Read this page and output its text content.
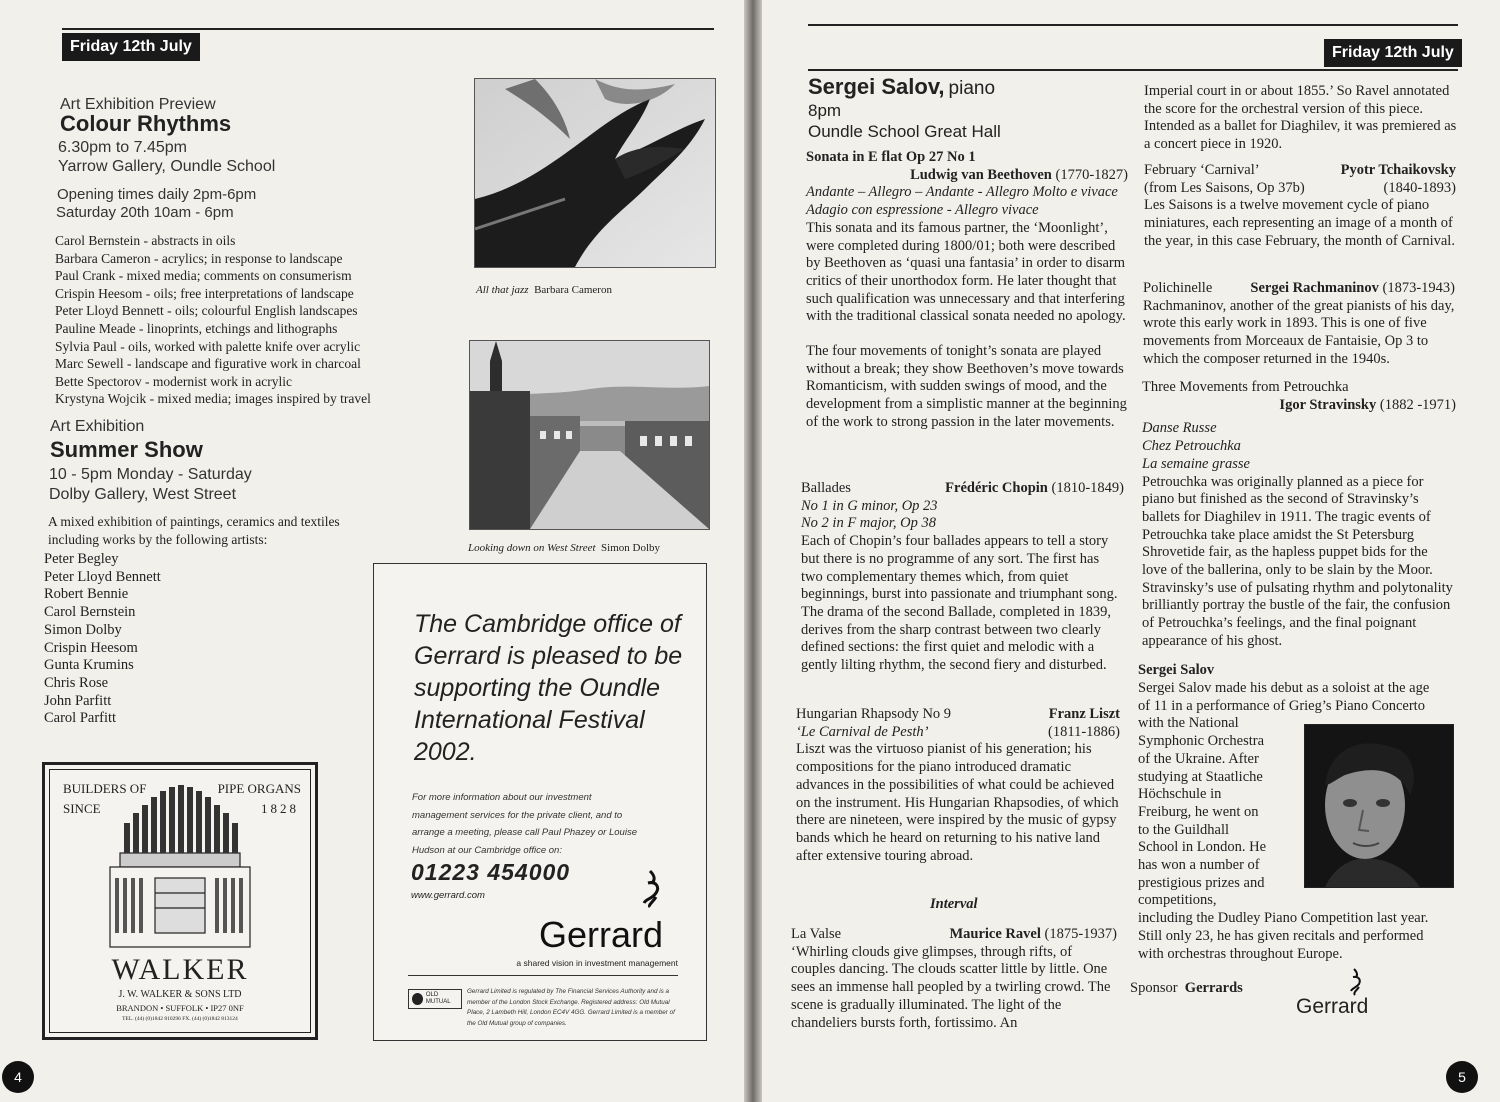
Friday 12th July
Art Exhibition Preview
Colour Rhythms
6.30pm to 7.45pm
Yarrow Gallery, Oundle School
Opening times daily 2pm-6pm
Saturday 20th 10am - 6pm
Carol Bernstein - abstracts in oils
Barbara Cameron - acrylics; in response to landscape
Paul Crank - mixed media; comments on consumerism
Crispin Heesom - oils; free interpretations of landscape
Peter Lloyd Bennett - oils; colourful English landscapes
Pauline Meade - linoprints, etchings and lithographs
Sylvia Paul - oils, worked with palette knife over acrylic
Marc Sewell - landscape and figurative work in charcoal
Bette Spectorov - modernist work in acrylic
Krystyna Wojcik - mixed media; images inspired by travel
Art Exhibition
Summer Show
10 - 5pm Monday - Saturday
Dolby Gallery, West Street

A mixed exhibition of paintings, ceramics and textiles including works by the following artists:

Peter Begley
Peter Lloyd Bennett
Robert Bennie
Carol Bernstein
Simon Dolby
Crispin Heesom
Gunta Krumins
Chris Rose
John Parfitt
Carol Parfitt
All that jazz Barbara Cameron
Looking down on West Street Simon Dolby
BUILDERS OF	PIPE ORGANS
SINCE	1828
WALKER
J. W. WALKER & SONS LTD
BRANDON • SUFFOLK • IP27 0NF
TEL. (44) (0)1842 810296 FX. (44) (0)1842 813124
The Cambridge office of Gerrard is pleased to be supporting the Oundle International Festival 2002.
For more information about our investment management services for the private client, and to arrange a meeting, please call Paul Phazey or Louise Hudson at our Cambridge office on:
01223 454000
www.gerrard.com
Gerrard
a shared vision in investment management
OLD MUTUAL
Gerrard Limited is regulated by The Financial Services Authority and is a member of the London Stock Exchange. Registered address: Old Mutual Place, 2 Lambeth Hill, London EC4V 4GG. Gerrard Limited is a member of the Old Mutual group of companies.
4
Friday 12th July
Sergei Salov, piano
8pm
Oundle School Great Hall
Sonata in E flat Op 27 No 1
Ludwig van Beethoven (1770-1827)
Andante – Allegro – Andante - Allegro Molto e vivace
Adagio con espressione - Allegro vivace

This sonata and its famous partner, the ‘Moonlight’, were completed during 1800/01; both were described by Beethoven as ‘quasi una fantasia’ in order to disarm critics of their unorthodox form. He later thought that such qualification was unnecessary and that interfering with the traditional classical sonata needed no apology.

The four movements of tonight’s sonata are played without a break; they show Beethoven’s move towards Romanticism, with sudden swings of mood, and the development from a simplistic manner at the beginning of the work to strong passion in the later movements.

Ballades	Frédéric Chopin (1810-1849)
No 1 in G minor, Op 23
No 2 in F major, Op 38

Each of Chopin’s four ballades appears to tell a story but there is no programme of any sort. The first has two complementary themes which, from quiet beginnings, burst into passionate and triumphant song. The drama of the second Ballade, completed in 1839, derives from the sharp contrast between two clearly defined sections: the first quiet and melodic with a gently lilting rhythm, the second fiery and disturbed.

Hungarian Rhapsody No 9	Franz Liszt
‘Le Carnival de Pesth’	(1811-1886)

Liszt was the virtuoso pianist of his generation; his compositions for the piano introduced dramatic advances in the possibilities of what could be achieved on the instrument. His Hungarian Rhapsodies, of which there are nineteen, were inspired by the music of gypsy bands which he heard on returning to his native land after extensive touring abroad.

Interval
La Valse	Maurice Ravel (1875-1937)

‘Whirling clouds give glimpses, through rifts, of couples dancing. The clouds scatter little by little. One sees an immense hall peopled by a twirling crowd. The scene is gradually illuminated. The light of the chandeliers bursts forth, fortissimo. An

Imperial court in or about 1855.’ So Ravel annotated the score for the orchestral version of this piece. Intended as a ballet for Diaghilev, it was premiered as a concert piece in 1920.

February ‘Carnival’	Pyotr Tchaikovsky
(from Les Saisons, Op 37b)	(1840-1893)

Les Saisons is a twelve movement cycle of piano miniatures, each representing an image of a month of the year, in this case February, the month of Carnival.

Polichinelle	Sergei Rachmaninov (1873-1943)

Rachmaninov, another of the great pianists of his day, wrote this early work in 1893. This is one of five movements from Morceaux de Fantaisie, Op 3 to which the composer returned in the 1940s.

Three Movements from Petrouchka
Igor Stravinsky (1882 -1971)
Danse Russe
Chez Petrouchka
La semaine grasse

Petrouchka was originally planned as a piece for piano but finished as the second of Stravinsky’s ballets for Diaghilev in 1911. The tragic events of Petrouchka take place amidst the St Petersburg Shrovetide fair, as the hapless puppet bids for the love of the ballerina, only to be slain by the Moor. Stravinsky’s use of pulsating rhythm and polytonality brilliantly portray the bustle of the fair, the confusion of Petrouchka’s feelings, and the final poignant appearance of his ghost.

Sergei Salov
Sergei Salov made his debut as a soloist at the age
of 11 in a performance of Grieg’s Piano Concerto
with the National
Symphonic Orchestra
of the Ukraine. After
studying at Staatliche
Höchschule in
Freiburg, he went on
to the Guildhall
School in London. He
has won a number of
prestigious prizes and
competitions,
including the Dudley Piano Competition last year.
Still only 23, he has given recitals and performed
with orchestras throughout Europe.
Sponsor Gerrards
Gerrard
5
